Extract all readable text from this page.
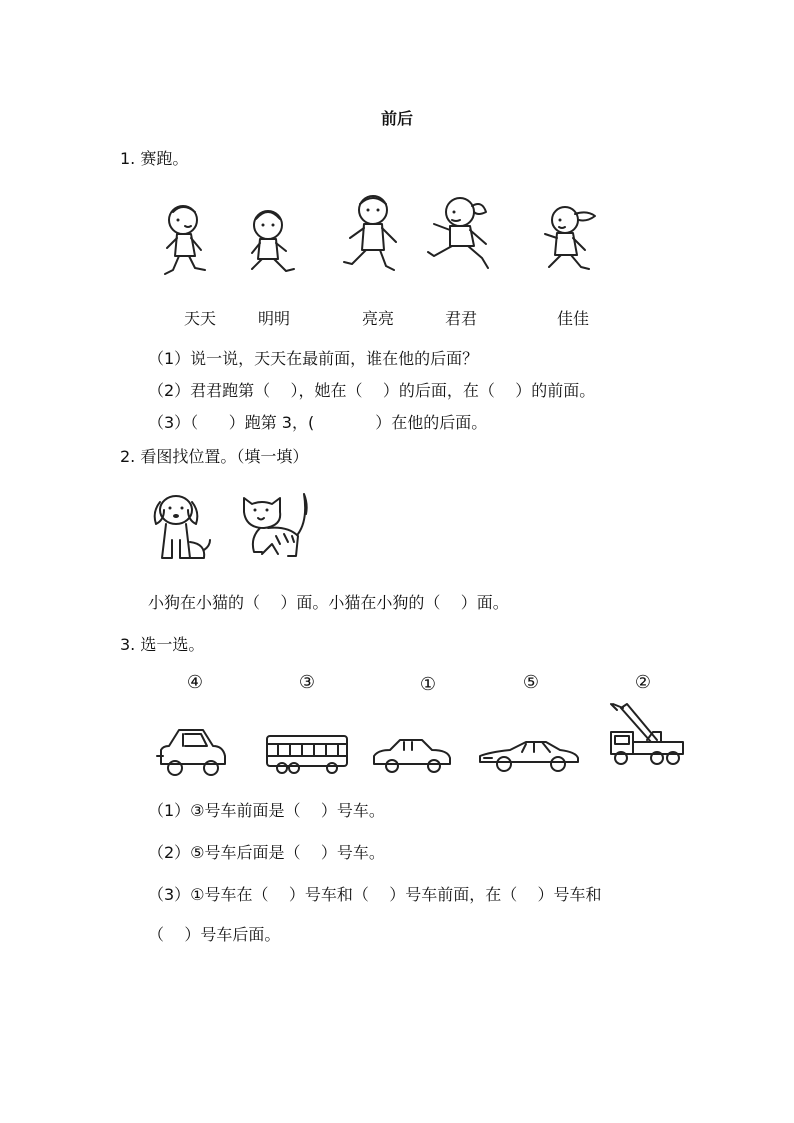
前后
1. 赛跑。
天天	明明	亮亮	君君	佳佳
（1）说一说，天天在最前面，谁在他的后面？
（2）君君跑第（    ），她在（    ）的后面，在（    ）的前面。
（3）（      ）跑第 3，(            ）在他的后面。
2. 看图找位置。（填一填）
小狗在小猫的（    ）面。小猫在小狗的（    ）面。
3. 选一选。
④	③	①	⑤	②
（1）③号车前面是（    ）号车。
（2）⑤号车后面是（    ）号车。
（3）①号车在（    ）号车和（    ）号车前面，在（    ）号车和
（    ）号车后面。
